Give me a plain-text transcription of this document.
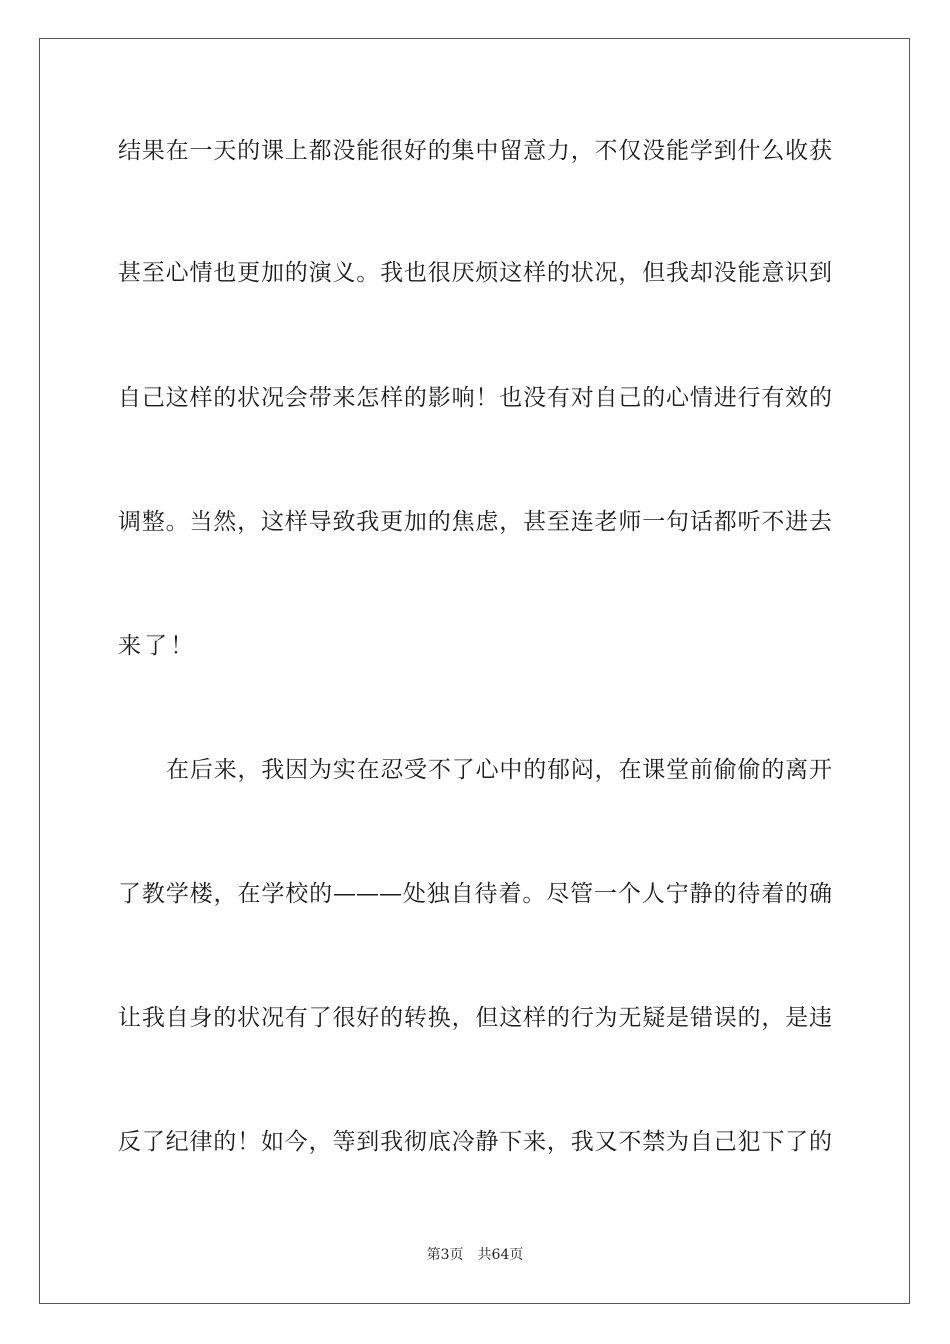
结果在一天的课上都没能很好的集中留意力，不仅没能学到什么收获
甚至心情也更加的演义。我也很厌烦这样的状况，但我却没能意识到
自己这样的状况会带来怎样的影响！也没有对自己的心情进行有效的
调整。当然，这样导致我更加的焦虑，甚至连老师一句话都听不进去
来了！
在后来，我因为实在忍受不了心中的郁闷，在课堂前偷偷的离开
了教学楼，在学校的———处独自待着。尽管一个人宁静的待着的确
让我自身的状况有了很好的转换，但这样的行为无疑是错误的，是违
反了纪律的！如今，等到我彻底冷静下来，我又不禁为自己犯下了的
第3页 共64页
